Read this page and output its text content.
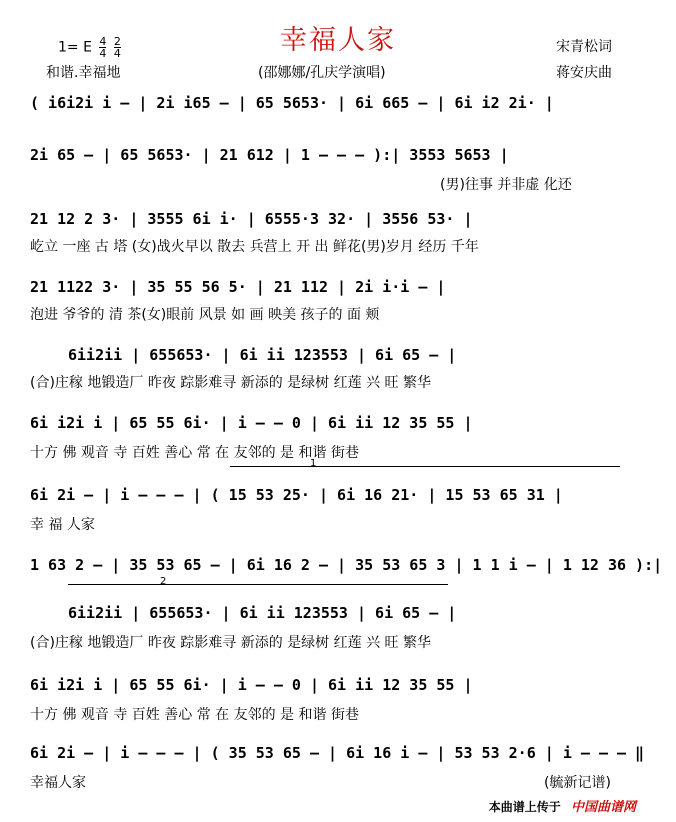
幸福人家
1= E $\frac{4}{4}$
$\frac{2}{4}$
和谐.幸福地	(邵娜娜/孔庆学演唱)
宋青松词
蒋安庆曲
( i6i2i i – | 2i i65 – | 65 5653· | 6i 665 – | 6i i2 2i· |
2i 65 – | 65 5653· | 21 612 | 1 – – – ):| 3553 5653 |
(男)往事 并非虚 化还
21 12 2 3· | 3555 6i i· | 6555·3 32· | 3556 53· |
屹立 一座 古 塔 (女)战火早以 散去 兵营上 开 出 鲜花(男)岁月 经历 千年
21 1122 3· | 35 55 56 5· | 21 112 | 2i i·i – |
泡进 爷爷的 清 茶(女)眼前 风景 如 画 映美 孩子的 面 颊
6ii2ii | 655653· | 6i ii 123553 | 6i 65 – |
(合)庄稼 地锻造厂 昨夜 踪影难寻 新添的 是绿树 红莲 兴 旺 繁华
6i i2i i | 65 55 6i· | i – – 0 | 6i ii 12 35 55 |
十方 佛 观音 寺 百姓 善心 常 在 友邻的 是 和谐 街巷
1
6i 2i – | i – – – | ( 15 53 25· | 6i 16 21· | 15 53 65 31 |
幸 福 人家
1 63 2 – | 35 53 65 – | 6i 16 2 – | 35 53 65 3 | 1 1 i – | 1 12 36 ):|
2
6ii2ii | 655653· | 6i ii 123553 | 6i 65 – |
(合)庄稼 地锻造厂 昨夜 踪影难寻 新添的 是绿树 红莲 兴 旺 繁华
6i i2i i | 65 55 6i· | i – – 0 | 6i ii 12 35 55 |
十方 佛 观音 寺 百姓 善心 常 在 友邻的 是 和谐 街巷
6i 2i – | i – – – | ( 35 53 65 – | 6i 16 i – | 53 53 2·6 | i – – – ‖
幸福人家	(毓新记谱)
本曲谱上传于 中国曲谱网
